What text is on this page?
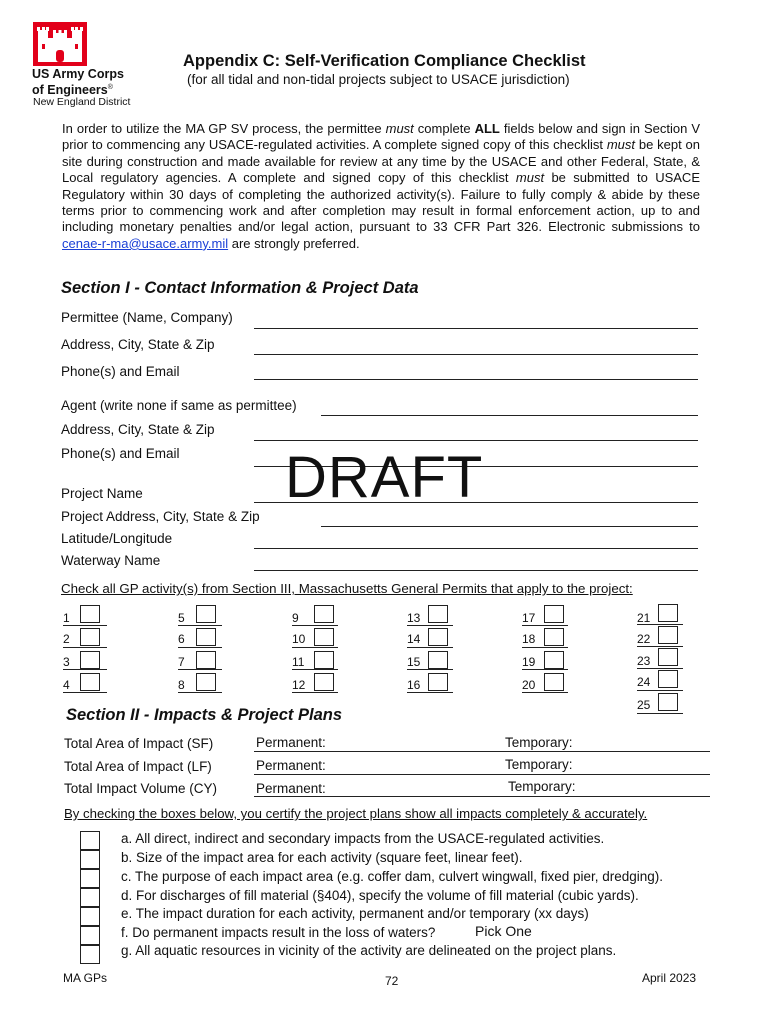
US Army Corps
of Engineers®
New England District
Appendix C: Self-Verification Compliance Checklist
(for all tidal and non-tidal projects subject to USACE jurisdiction)
In order to utilize the MA GP SV process, the permittee must complete ALL fields below and sign in Section V prior to commencing any USACE-regulated activities. A complete signed copy of this checklist must be kept on site during construction and made available for review at any time by the USACE and other Federal, State, & Local regulatory agencies. A complete and signed copy of this checklist must be submitted to USACE Regulatory within 30 days of completing the authorized activity(s). Failure to fully comply & abide by these terms prior to commencing work and after completion may result in formal enforcement action, up to and including monetary penalties and/or legal action, pursuant to 33 CFR Part 326. Electronic submissions to cenae-r-ma@usace.army.mil are strongly preferred.
Section I - Contact Information & Project Data
Permittee (Name, Company)
Address, City, State & Zip
Phone(s) and Email
Agent (write none if same as permittee)
Address, City, State & Zip
Phone(s) and Email DRAFT
Project Name
Project Address, City, State & Zip
Latitude/Longitude
Waterway Name
Check all GP activity(s) from Section III, Massachusetts General Permits that apply to the project:
1
2
3
4
5
6
7
8
9
10
11
12
13
14
15
16
17
18
19
20
21
22
23
24
25
Section II - Impacts & Project Plans
Total Area of Impact (SF)	Permanent:	Temporary:
Total Area of Impact (LF)	Permanent:	Temporary:
Total Impact Volume (CY)	Permanent:	Temporary:
By checking the boxes below, you certify the project plans show all impacts completely & accurately.
a. All direct, indirect and secondary impacts from the USACE-regulated activities.
b. Size of the impact area for each activity (square feet, linear feet).
c. The purpose of each impact area (e.g. coffer dam, culvert wingwall, fixed pier, dredging).
d. For discharges of fill material (§404), specify the volume of fill material (cubic yards).
e. The impact duration for each activity, permanent and/or temporary (xx days)
f. Do permanent impacts result in the loss of waters?	Pick One
g. All aquatic resources in vicinity of the activity are delineated on the project plans.
MA GPs	72	April 2023
